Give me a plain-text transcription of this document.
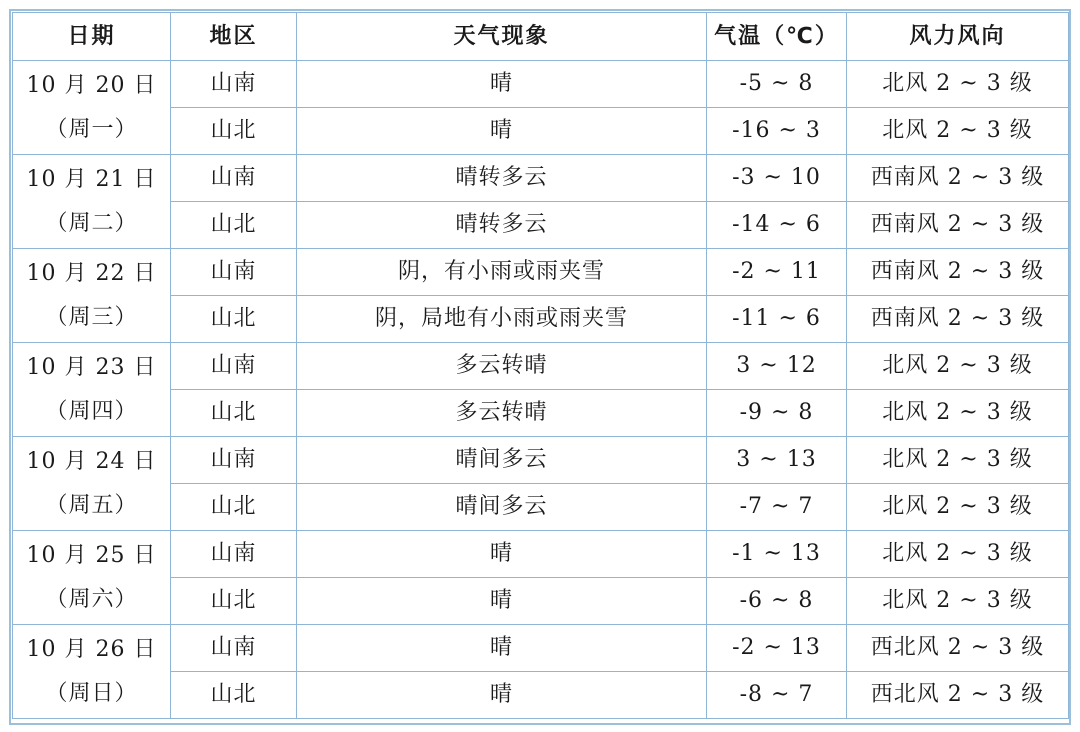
日期	地区	天气现象	气温（℃）	风力风向

10 月 20 日
（周一）	山南	晴	-5 ~ 8	北风 2 ~ 3 级
	山北	晴	-16 ~ 3	北风 2 ~ 3 级

10 月 21 日
（周二）	山南	晴转多云	-3 ~ 10	西南风 2 ~ 3 级
	山北	晴转多云	-14 ~ 6	西南风 2 ~ 3 级

10 月 22 日
（周三）	山南	阴，有小雨或雨夹雪	-2 ~ 11	西南风 2 ~ 3 级
	山北	阴，局地有小雨或雨夹雪	-11 ~ 6	西南风 2 ~ 3 级

10 月 23 日
（周四）	山南	多云转晴	3 ~ 12	北风 2 ~ 3 级
	山北	多云转晴	-9 ~ 8	北风 2 ~ 3 级

10 月 24 日
（周五）	山南	晴间多云	3 ~ 13	北风 2 ~ 3 级
	山北	晴间多云	-7 ~ 7	北风 2 ~ 3 级

10 月 25 日
（周六）	山南	晴	-1 ~ 13	北风 2 ~ 3 级
	山北	晴	-6 ~ 8	北风 2 ~ 3 级

10 月 26 日
（周日）	山南	晴	-2 ~ 13	西北风 2 ~ 3 级
	山北	晴	-8 ~ 7	西北风 2 ~ 3 级
